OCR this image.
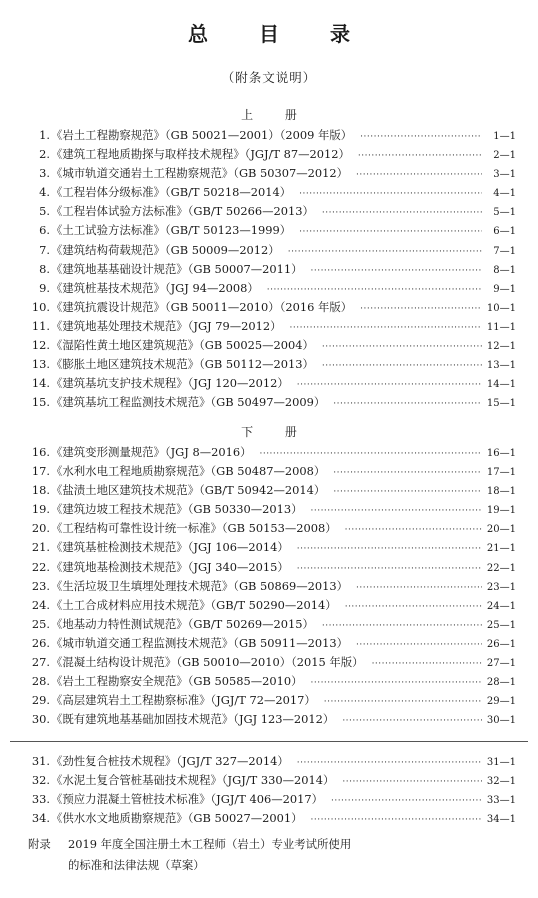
总 目 录
（附条文说明）
上 册
1. 《岩土工程勘察规范》（GB 50021—2001）（2009 年版） ·····	1—1
2. 《建筑工程地质勘探与取样技术规程》（JGJ/T 87—2012） ·····	2—1
3. 《城市轨道交通岩土工程勘察规范》（GB 50307—2012） ·····	3—1
4. 《工程岩体分级标准》（GB/T 50218—2014） ·····	4—1
5. 《工程岩体试验方法标准》（GB/T 50266—2013） ·····	5—1
6. 《土工试验方法标准》（GB/T 50123—1999） ·····	6—1
7. 《建筑结构荷载规范》（GB 50009—2012） ·····	7—1
8. 《建筑地基基础设计规范》（GB 50007—2011） ·····	8—1
9. 《建筑桩基技术规范》（JGJ 94—2008） ·····	9—1
10. 《建筑抗震设计规范》（GB 50011—2010）（2016 年版） ·····	10—1
11. 《建筑地基处理技术规范》（JGJ 79—2012） ·····	11—1
12. 《湿陷性黄土地区建筑规范》（GB 50025—2004） ·····	12—1
13. 《膨胀土地区建筑技术规范》（GB 50112—2013） ·····	13—1
14. 《建筑基坑支护技术规程》（JGJ 120—2012） ·····	14—1
15. 《建筑基坑工程监测技术规范》（GB 50497—2009） ·····	15—1
下 册
16. 《建筑变形测量规范》（JGJ 8—2016） ·····	16—1
17. 《水利水电工程地质勘察规范》（GB 50487—2008） ·····	17—1
18. 《盐渍土地区建筑技术规范》（GB/T 50942—2014） ·····	18—1
19. 《建筑边坡工程技术规范》（GB 50330—2013） ·····	19—1
20. 《工程结构可靠性设计统一标准》（GB 50153—2008） ·····	20—1
21. 《建筑基桩检测技术规范》（JGJ 106—2014） ·····	21—1
22. 《建筑地基检测技术规范》（JGJ 340—2015） ·····	22—1
23. 《生活垃圾卫生填埋处理技术规范》（GB 50869—2013） ·····	23—1
24. 《土工合成材料应用技术规范》（GB/T 50290—2014） ·····	24—1
25. 《地基动力特性测试规范》（GB/T 50269—2015） ·····	25—1
26. 《城市轨道交通工程监测技术规范》（GB 50911—2013） ·····	26—1
27. 《混凝土结构设计规范》（GB 50010—2010）（2015 年版） ·····	27—1
28. 《岩土工程勘察安全规范》（GB 50585—2010） ·····	28—1
29. 《高层建筑岩土工程勘察标准》（JGJ/T 72—2017） ·····	29—1
30. 《既有建筑地基基础加固技术规范》（JGJ 123—2012） ·····	30—1
31. 《劲性复合桩技术规程》（JGJ/T 327—2014） ·····	31—1
32. 《水泥土复合管桩基础技术规程》（JGJ/T 330—2014） ·····	32—1
33. 《预应力混凝土管桩技术标准》（JGJ/T 406—2017） ·····	33—1
34. 《供水水文地质勘察规范》（GB 50027—2001） ·····	34—1
附录 2019 年度全国注册土木工程师（岩土）专业考试所使用
的标准和法律法规（草案）
